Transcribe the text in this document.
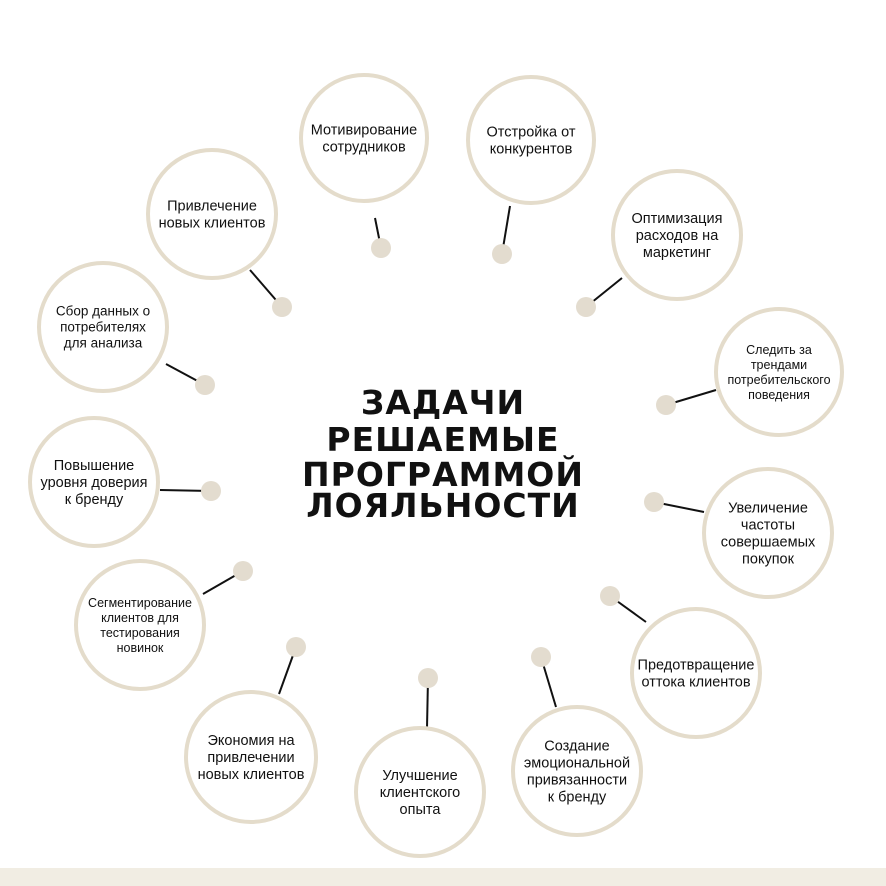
Мотивирование
сотрудников
Отстройка от
конкурентов
Оптимизация
расходов на
маркетинг
Следить за
трендами
потребительского
поведения
Увеличение
частоты
совершаемых
покупок
Предотвращение
оттока клиентов
Создание
эмоциональной
привязанности
к бренду
Улучшение
клиентского
опыта
Экономия на
привлечении
новых клиентов
Сегментирование
клиентов для
тестирования
новинок
Повышение
уровня доверия
к бренду
Сбор данных о
потребителях
для анализа
Привлечение
новых клиентов
ЗАДАЧИ
РЕШАЕМЫЕ
ПРОГРАММОЙ
ЛОЯЛЬНОСТИ
